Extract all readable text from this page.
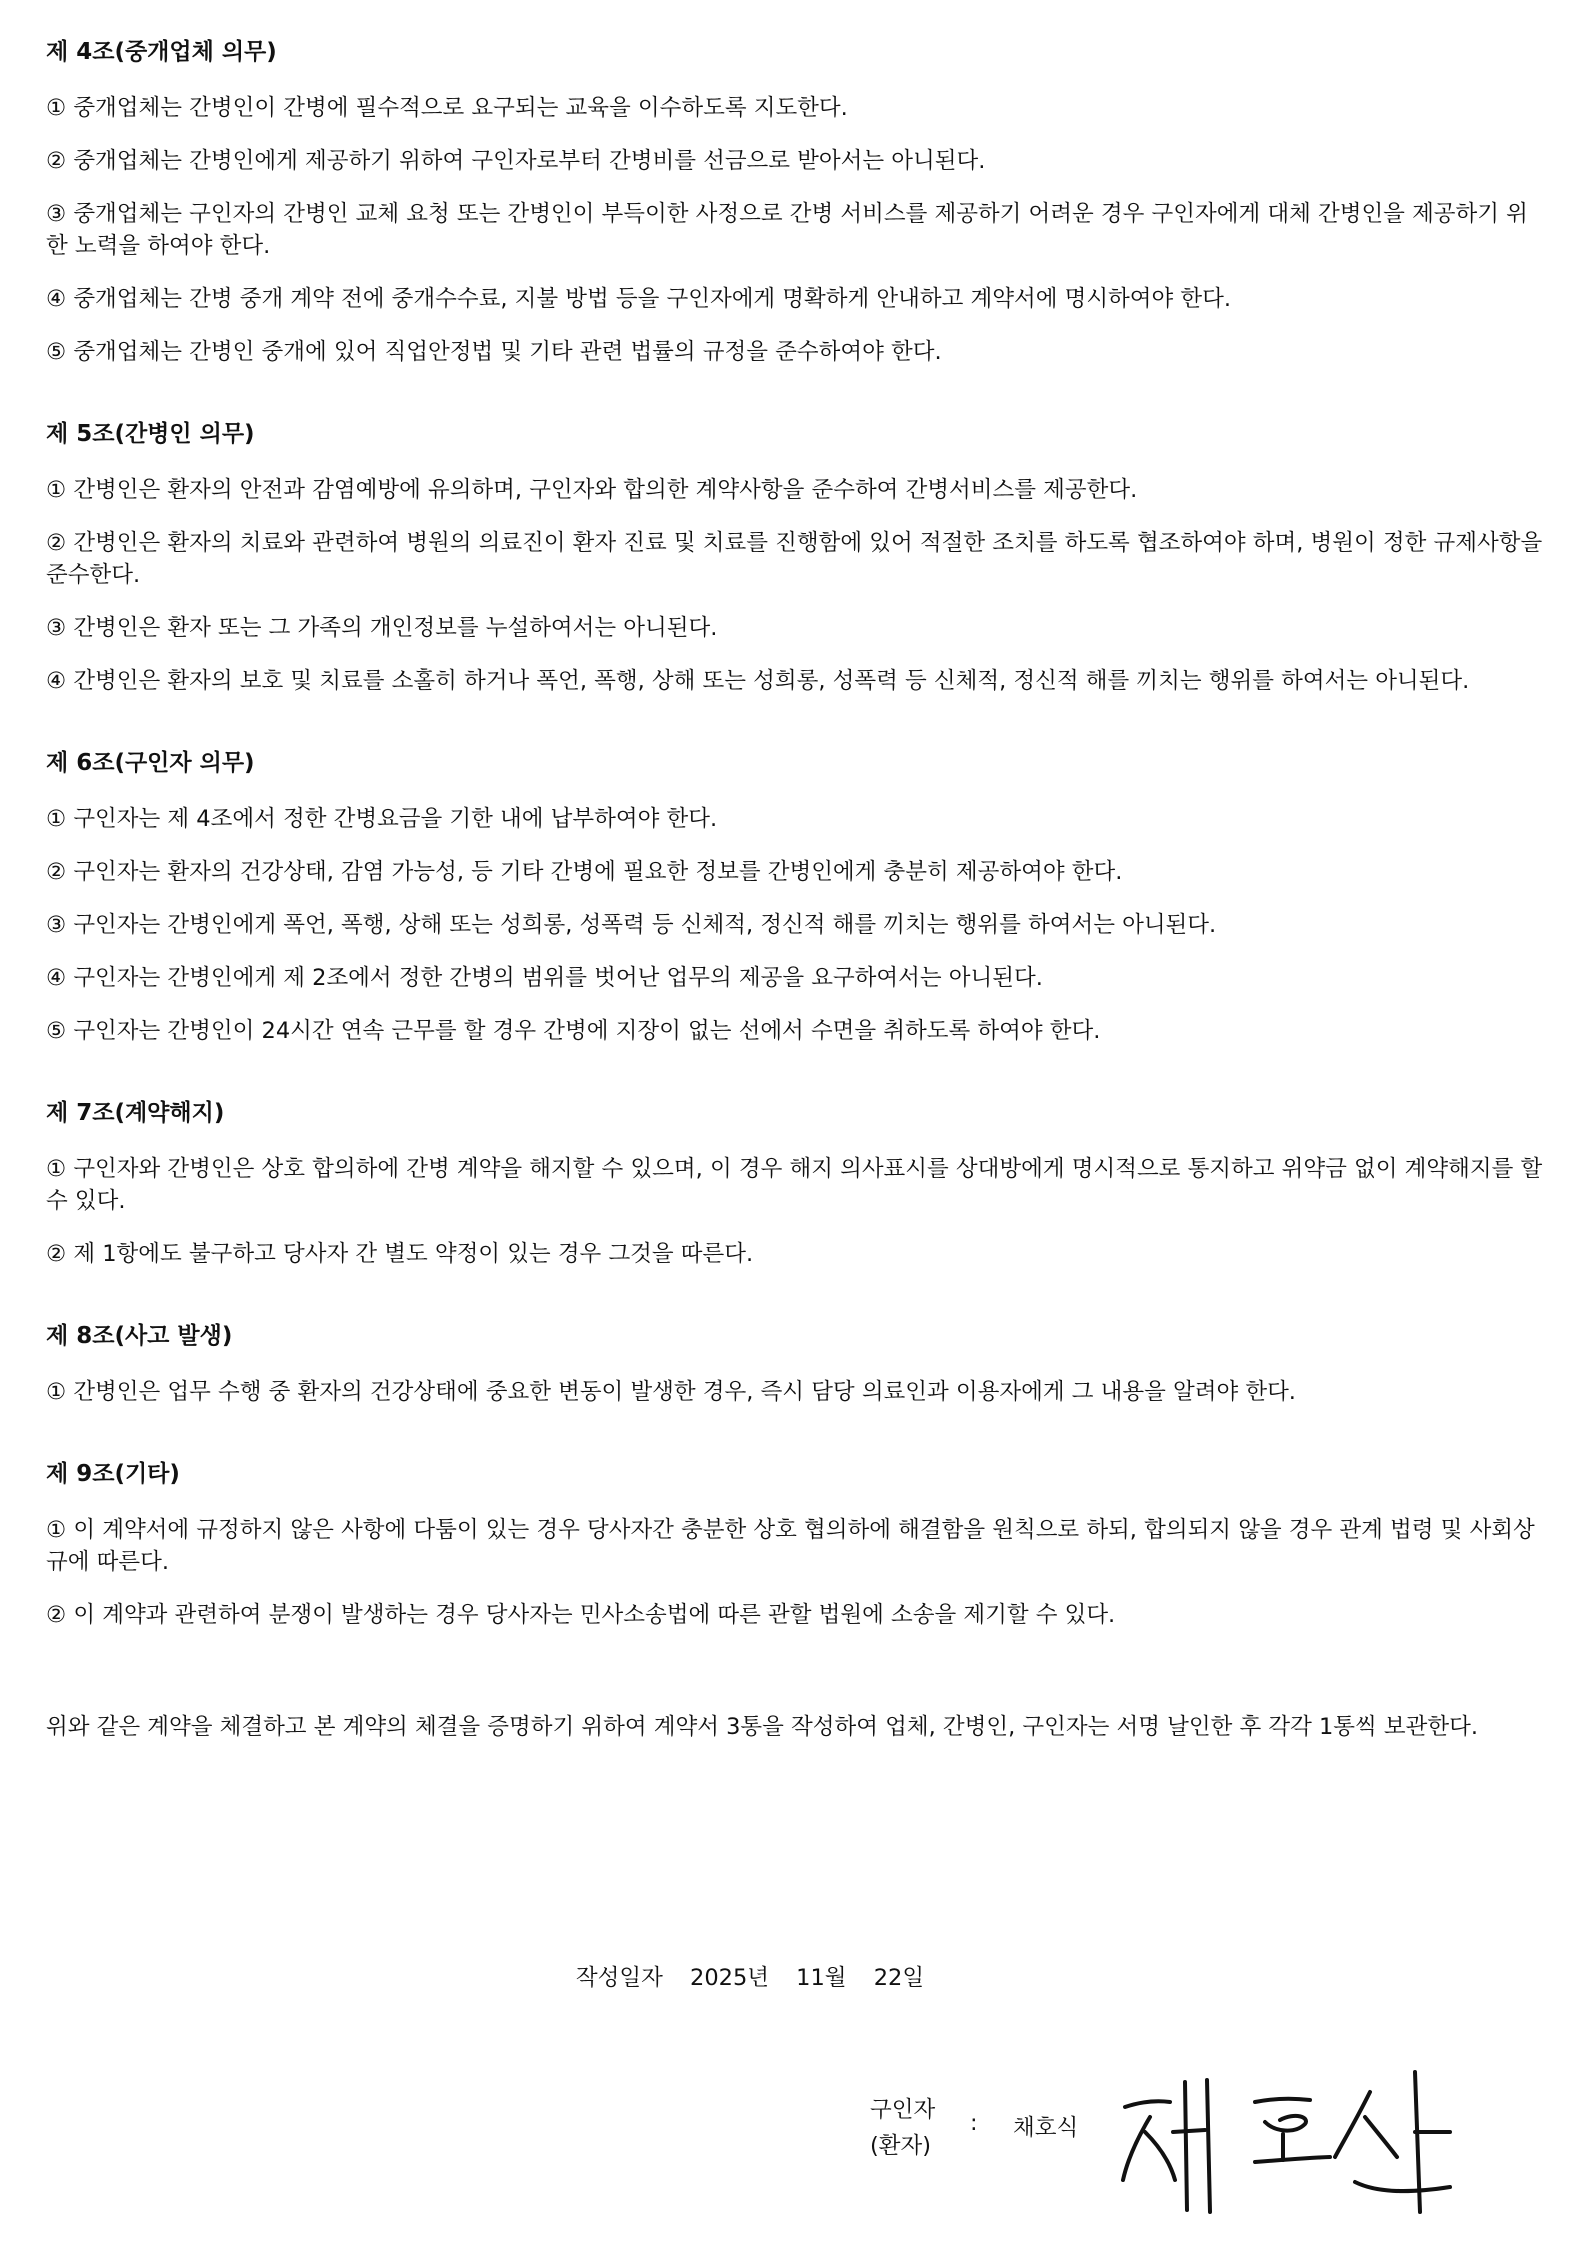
제 4조(중개업체 의무)

① 중개업체는 간병인이 간병에 필수적으로 요구되는 교육을 이수하도록 지도한다.

② 중개업체는 간병인에게 제공하기 위하여 구인자로부터 간병비를 선금으로 받아서는 아니된다.

③ 중개업체는 구인자의 간병인 교체 요청 또는 간병인이 부득이한 사정으로 간병 서비스를 제공하기 어려운 경우 구인자에게 대체 간병인을 제공하기 위한 노력을 하여야 한다.

④ 중개업체는 간병 중개 계약 전에 중개수수료, 지불 방법 등을 구인자에게 명확하게 안내하고 계약서에 명시하여야 한다.

⑤ 중개업체는 간병인 중개에 있어 직업안정법 및 기타 관련 법률의 규정을 준수하여야 한다.

제 5조(간병인 의무)

① 간병인은 환자의 안전과 감염예방에 유의하며, 구인자와 합의한 계약사항을 준수하여 간병서비스를 제공한다.

② 간병인은 환자의 치료와 관련하여 병원의 의료진이 환자 진료 및 치료를 진행함에 있어 적절한 조치를 하도록 협조하여야 하며, 병원이 정한 규제사항을 준수한다.

③ 간병인은 환자 또는 그 가족의 개인정보를 누설하여서는 아니된다.

④ 간병인은 환자의 보호 및 치료를 소홀히 하거나 폭언, 폭행, 상해 또는 성희롱, 성폭력 등 신체적, 정신적 해를 끼치는 행위를 하여서는 아니된다.

제 6조(구인자 의무)

① 구인자는 제 4조에서 정한 간병요금을 기한 내에 납부하여야 한다.

② 구인자는 환자의 건강상태, 감염 가능성, 등 기타 간병에 필요한 정보를 간병인에게 충분히 제공하여야 한다.

③ 구인자는 간병인에게 폭언, 폭행, 상해 또는 성희롱, 성폭력 등 신체적, 정신적 해를 끼치는 행위를 하여서는 아니된다.

④ 구인자는 간병인에게 제 2조에서 정한 간병의 범위를 벗어난 업무의 제공을 요구하여서는 아니된다.

⑤ 구인자는 간병인이 24시간 연속 근무를 할 경우 간병에 지장이 없는 선에서 수면을 취하도록 하여야 한다.

제 7조(계약해지)

① 구인자와 간병인은 상호 합의하에 간병 계약을 해지할 수 있으며, 이 경우 해지 의사표시를 상대방에게 명시적으로 통지하고 위약금 없이 계약해지를 할 수 있다.

② 제 1항에도 불구하고 당사자 간 별도 약정이 있는 경우 그것을 따른다.

제 8조(사고 발생)

① 간병인은 업무 수행 중 환자의 건강상태에 중요한 변동이 발생한 경우, 즉시 담당 의료인과 이용자에게 그 내용을 알려야 한다.

제 9조(기타)

① 이 계약서에 규정하지 않은 사항에 다툼이 있는 경우 당사자간 충분한 상호 협의하에 해결함을 원칙으로 하되, 합의되지 않을 경우 관계 법령 및 사회상규에 따른다.

② 이 계약과 관련하여 분쟁이 발생하는 경우 당사자는 민사소송법에 따른 관할 법원에 소송을 제기할 수 있다.

위와 같은 계약을 체결하고 본 계약의 체결을 증명하기 위하여 계약서 3통을 작성하여 업체, 간병인, 구인자는 서명 날인한 후 각각 1통씩 보관한다.

작성일자 2025년 11월 22일
구인자
(환자)
: 채호식
